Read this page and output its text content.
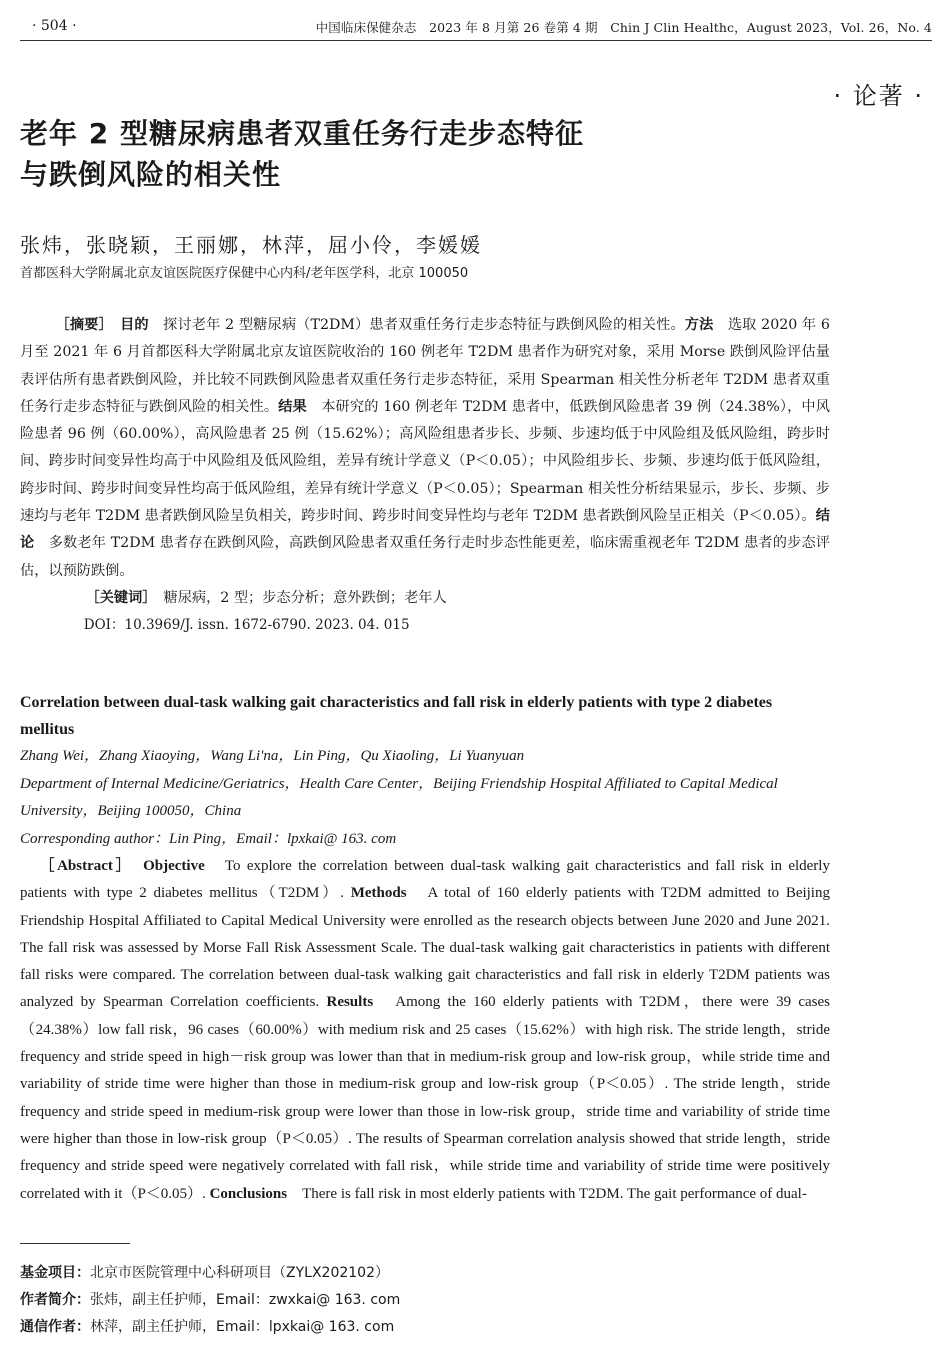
· 504 ·	中国临床保健杂志　2023 年 8 月第 26 卷第 4 期　Chin J Clin Healthc，August 2023，Vol. 26，No. 4
· 论著 ·
老年 2 型糖尿病患者双重任务行走步态特征
与跌倒风险的相关性
张炜，张晓颖，王丽娜，林萍，屈小伶，李媛媛
首都医科大学附属北京友谊医院医疗保健中心内科/老年医学科，北京 100050

［摘要］　 目的　 探讨老年 2 型糖尿病（T2DM）患者双重任务行走步态特征与跌倒风险的相关性。方法　 选取 2020 年 6 月至 2021 年 6 月首都医科大学附属北京友谊医院收治的 160 例老年 T2DM 患者作为研究对象，采用 Morse 跌倒风险评估量表评估所有患者跌倒风险，并比较不同跌倒风险患者双重任务行走步态特征，采用 Spearman 相关性分析老年 T2DM 患者双重任务行走步态特征与跌倒风险的相关性。结果　 本研究的 160 例老年 T2DM 患者中，低跌倒风险患者 39 例（24.38%），中风险患者 96 例（60.00%），高风险患者 25 例（15.62%）；高风险组患者步长、步频、步速均低于中风险组及低风险组，跨步时间、跨步时间变异性均高于中风险组及低风险组，差异有统计学意义（P＜0.05）；中风险组步长、步频、步速均低于低风险组，跨步时间、跨步时间变异性均高于低风险组，差异有统计学意义（P＜0.05）；Spearman 相关性分析结果显示，步长、步频、步速均与老年 T2DM 患者跌倒风险呈负相关，跨步时间、跨步时间变异性均与老年 T2DM 患者跌倒风险呈正相关（P＜0.05）。结论　 多数老年 T2DM 患者存在跌倒风险，高跌倒风险患者双重任务行走时步态性能更差，临床需重视老年 T2DM 患者的步态评估，以预防跌倒。

［关键词］　 糖尿病，2 型；步态分析；意外跌倒；老年人

DOI：10.3969/J. issn. 1672-6790. 2023. 04. 015

Correlation between dual-task walking gait characteristics and fall risk in elderly patients with type 2 diabetes mellitus
Zhang Wei，Zhang Xiaoying，Wang Li'na，Lin Ping，Qu Xiaoling，Li Yuanyuan
Department of Internal Medicine/Geriatrics，Health Care Center，Beijing Friendship Hospital Affiliated to Capital Medical University，Beijing 100050，China
Corresponding author：Lin Ping，Email：lpxkai@ 163. com

［Abstract］　 Objective　 To explore the correlation between dual-task walking gait characteristics and fall risk in elderly patients with type 2 diabetes mellitus（T2DM）. Methods　 A total of 160 elderly patients with T2DM admitted to Beijing Friendship Hospital Affiliated to Capital Medical University were enrolled as the research objects between June 2020 and June 2021. The fall risk was assessed by Morse Fall Risk Assessment Scale. The dual-task walking gait characteristics in patients with different fall risks were compared. The correlation between dual-task walking gait characteristics and fall risk in elderly T2DM patients was analyzed by Spearman Correlation coefficients. Results　 Among the 160 elderly patients with T2DM，there were 39 cases（24.38%）low fall risk，96 cases（60.00%）with medium risk and 25 cases（15.62%）with high risk. The stride length，stride frequency and stride speed in high－risk group was lower than that in medium-risk group and low-risk group，while stride time and variability of stride time were higher than those in medium-risk group and low-risk group（P＜0.05）. The stride length，stride frequency and stride speed in medium-risk group were lower than those in low-risk group，stride time and variability of stride time were higher than those in low-risk group（P＜0.05）. The results of Spearman correlation analysis showed that stride length，stride frequency and stride speed were negatively correlated with fall risk，while stride time and variability of stride time were positively correlated with it（P＜0.05）. Conclusions　 There is fall risk in most elderly patients with T2DM. The gait performance of dual-

基金项目：北京市医院管理中心科研项目（ZYLX202102）
作者简介：张炜，副主任护师，Email：zwxkai@ 163. com
通信作者：林萍，副主任护师，Email：lpxkai@ 163. com
